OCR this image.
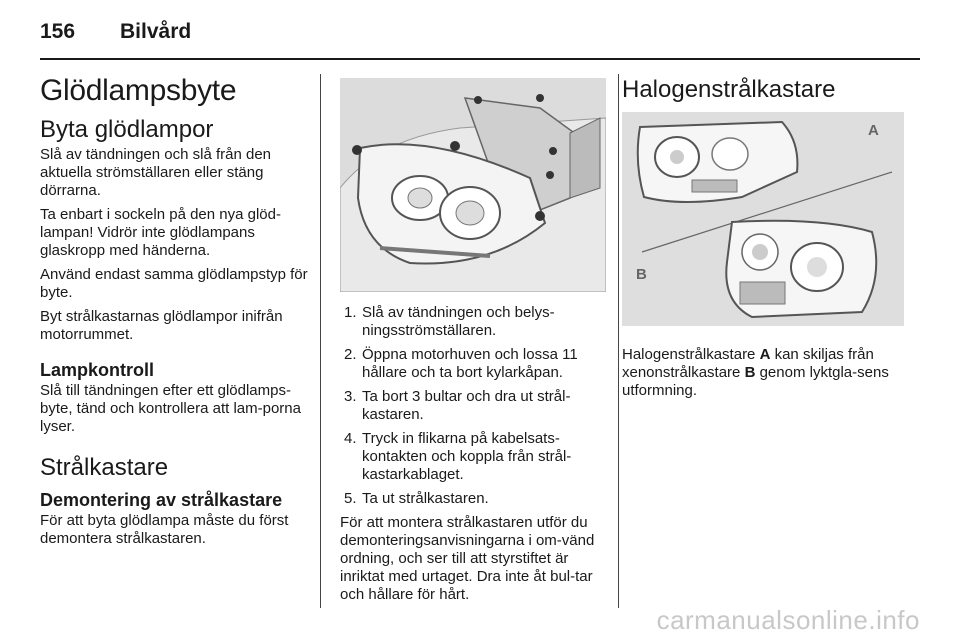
156 Bilvård
Glödlampsbyte
Byta glödlampor

Slå av tändningen och slå från den aktuella strömställaren eller stäng dörrarna.

Ta enbart i sockeln på den nya glöd-lampan! Vidrör inte glödlampans glaskropp med händerna.

Använd endast samma glödlampstyp för byte.

Byt strålkastarnas glödlampor inifrån motorrummet.

Lampkontroll

Slå till tändningen efter ett glödlamps-byte, tänd och kontrollera att lam-porna lyser.

Strålkastare
Demontering av strålkastare

För att byta glödlampa måste du först demontera strålkastaren.

1. Slå av tändningen och belys-ningsströmställaren.
2. Öppna motorhuven och lossa 11 hållare och ta bort kylarkåpan.
3. Ta bort 3 bultar och dra ut strål-kastaren.
4. Tryck in flikarna på kabelsats-kontakten och koppla från strål-kastarkablaget.
5. Ta ut strålkastaren.

För att montera strålkastaren utför du demonteringsanvisningarna i om-vänd ordning, och ser till att styrstiftet är inriktat med urtaget. Dra inte åt bul-tar och hållare för hårt.

Halogenstrålkastare
A
B

Halogenstrålkastare A kan skiljas från xenonstrålkastare B genom lyktgla-sens utformning.

carmanualsonline.info
